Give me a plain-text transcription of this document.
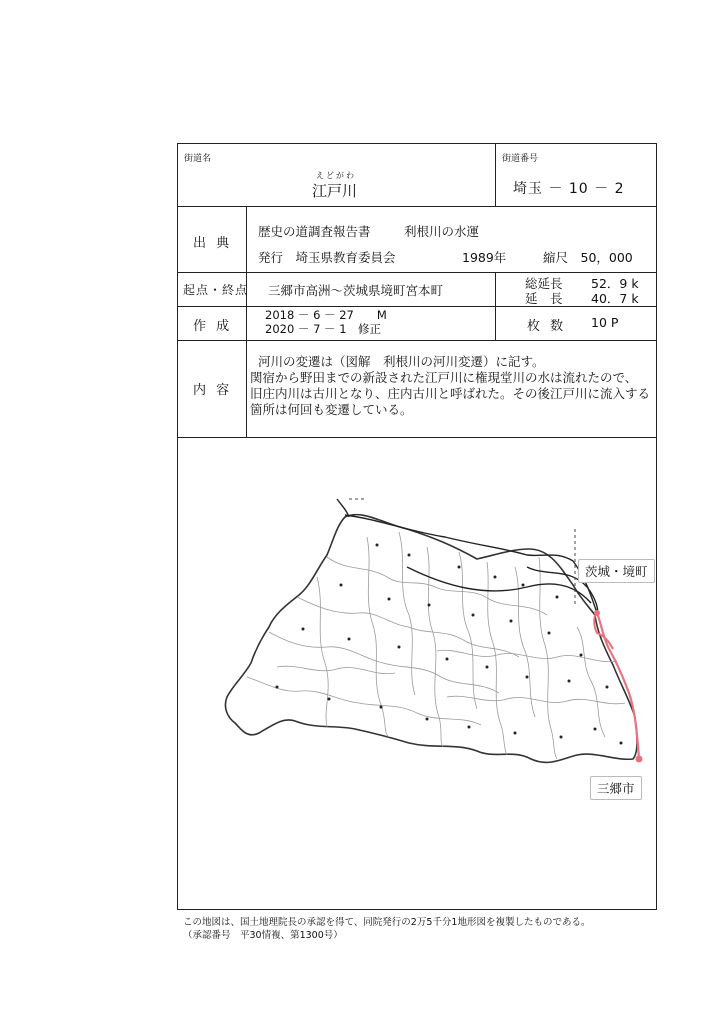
街道名
えどがわ
江戸川
街道番号
埼玉 － 10 － 2
出 典
歴史の道調査報告書	利根川の水運
発行　埼玉県教育委員会	1989年	縮尺　50，000
起点・終点 三郷市高洲～茨城県境町宮本町	総延長 52．9 k
延　長 40．7 k
作 成
2018 － 6 － 27　　M
2020 － 7 － 1　修正	枚 数 10 P
内 容
河川の変遷は（図解　利根川の河川変遷）に記す。
関宿から野田までの新設された江戸川に権現堂川の水は流れたので、
旧庄内川は古川となり、庄内古川と呼ばれた。その後江戸川に流入する
箇所は何回も変遷している。
茨城・境町
三郷市
この地図は、国土地理院長の承認を得て、同院発行の2万5千分1地形図を複製したものである。
（承認番号　平30情複、第1300号）
